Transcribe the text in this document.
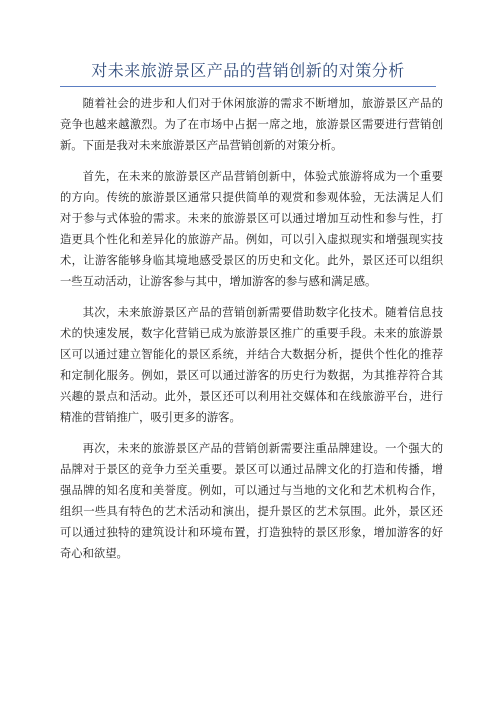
对未来旅游景区产品的营销创新的对策分析

随着社会的进步和人们对于休闲旅游的需求不断增加，旅游景区产品的竞争也越来越激烈。为了在市场中占据一席之地，旅游景区需要进行营销创新。下面是我对未来旅游景区产品营销创新的对策分析。

首先，在未来的旅游景区产品营销创新中，体验式旅游将成为一个重要的方向。传统的旅游景区通常只提供简单的观赏和参观体验，无法满足人们对于参与式体验的需求。未来的旅游景区可以通过增加互动性和参与性，打造更具个性化和差异化的旅游产品。例如，可以引入虚拟现实和增强现实技术，让游客能够身临其境地感受景区的历史和文化。此外，景区还可以组织一些互动活动，让游客参与其中，增加游客的参与感和满足感。

其次，未来旅游景区产品的营销创新需要借助数字化技术。随着信息技术的快速发展，数字化营销已成为旅游景区推广的重要手段。未来的旅游景区可以通过建立智能化的景区系统，并结合大数据分析，提供个性化的推荐和定制化服务。例如，景区可以通过游客的历史行为数据，为其推荐符合其兴趣的景点和活动。此外，景区还可以利用社交媒体和在线旅游平台，进行精准的营销推广，吸引更多的游客。

再次，未来的旅游景区产品的营销创新需要注重品牌建设。一个强大的品牌对于景区的竞争力至关重要。景区可以通过品牌文化的打造和传播，增强品牌的知名度和美誉度。例如，可以通过与当地的文化和艺术机构合作，组织一些具有特色的艺术活动和演出，提升景区的艺术氛围。此外，景区还可以通过独特的建筑设计和环境布置，打造独特的景区形象，增加游客的好奇心和欲望。
